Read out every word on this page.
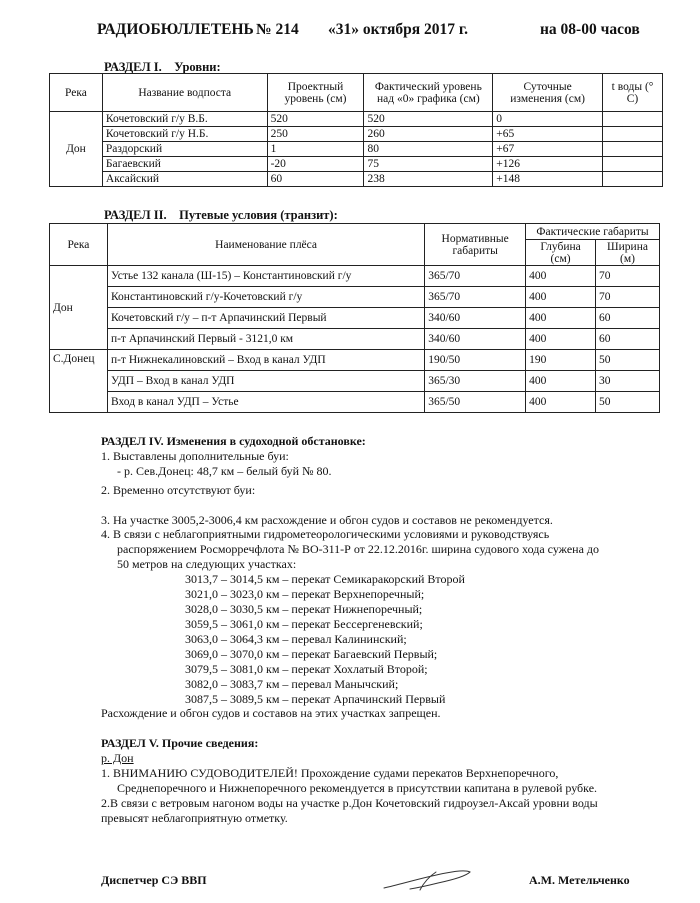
РАДИОБЮЛЛЕТЕНЬ № 214 «31» октября 2017 г.	на 08-00 часов
РАЗДЕЛ I. Уровни:
Река	Название водпоста	Проектный уровень (см)	Фактический уровень над «0» графика (см)	Суточные изменения (см)	t воды (° С)
Дон	Кочетовский г/у В.Б.	520	520	0	
	Кочетовский г/у Н.Б.	250	260	+65	
	Раздорский	1	80	+67	
	Багаевский	-20	75	+126	
	Аксайский	60	238	+148	
РАЗДЕЛ II. Путевые условия (транзит):
Река	Наименование плёса	Нормативные габариты	Фактические габариты	
			Глубина (см)	Ширина (м)
Дон	Устье 132 канала (Ш-15) – Константиновский г/у	365/70	400	70
	Константиновский г/у-Кочетовский г/у	365/70	400	70
	Кочетовский г/у – п-т Арпачинский Первый	340/60	400	60
	п-т Арпачинский Первый - 3121,0 км	340/60	400	60
С.Донец	п-т Нижнекалиновский – Вход в канал УДП	190/50	190	50
	УДП – Вход в канал УДП	365/30	400	30
	Вход в канал УДП – Устье	365/50	400	50
РАЗДЕЛ IV. Изменения в судоходной обстановке:
1. Выставлены дополнительные буи:
- р. Сев.Донец: 48,7 км – белый буй № 80.
2. Временно отсутствуют буи:
3. На участке 3005,2-3006,4 км расхождение и обгон судов и составов не рекомендуется.
4. В связи с неблагоприятными гидрометеорологическими условиями и руководствуясь
распоряжением Росморречфлота № ВО-311-Р от 22.12.2016г. ширина судового хода сужена до
50 метров на следующих участках:
3013,7 – 3014,5 км – перекат Семикаракорский Второй
3021,0 – 3023,0 км – перекат Верхнепоречный;
3028,0 – 3030,5 км – перекат Нижнепоречный;
3059,5 – 3061,0 км – перекат Бессергеневский;
3063,0 – 3064,3 км – перевал Калининский;
3069,0 – 3070,0 км – перекат Багаевский Первый;
3079,5 – 3081,0 км – перекат Хохлатый Второй;
3082,0 – 3083,7 км – перевал Манычский;
3087,5 – 3089,5 км – перекат Арпачинский Первый
Расхождение и обгон судов и составов на этих участках запрещен.
РАЗДЕЛ V. Прочие сведения:
р. Дон
1. ВНИМАНИЮ СУДОВОДИТЕЛЕЙ! Прохождение судами перекатов Верхнепоречного,
Среднепоречного и Нижнепоречного рекомендуется в присутствии капитана в рулевой рубке.
2.В связи с ветровым нагоном воды на участке р.Дон Кочетовский гидроузел-Аксай уровни воды
превысят неблагоприятную отметку.
Диспетчер СЭ ВВП	А.М. Метельченко
